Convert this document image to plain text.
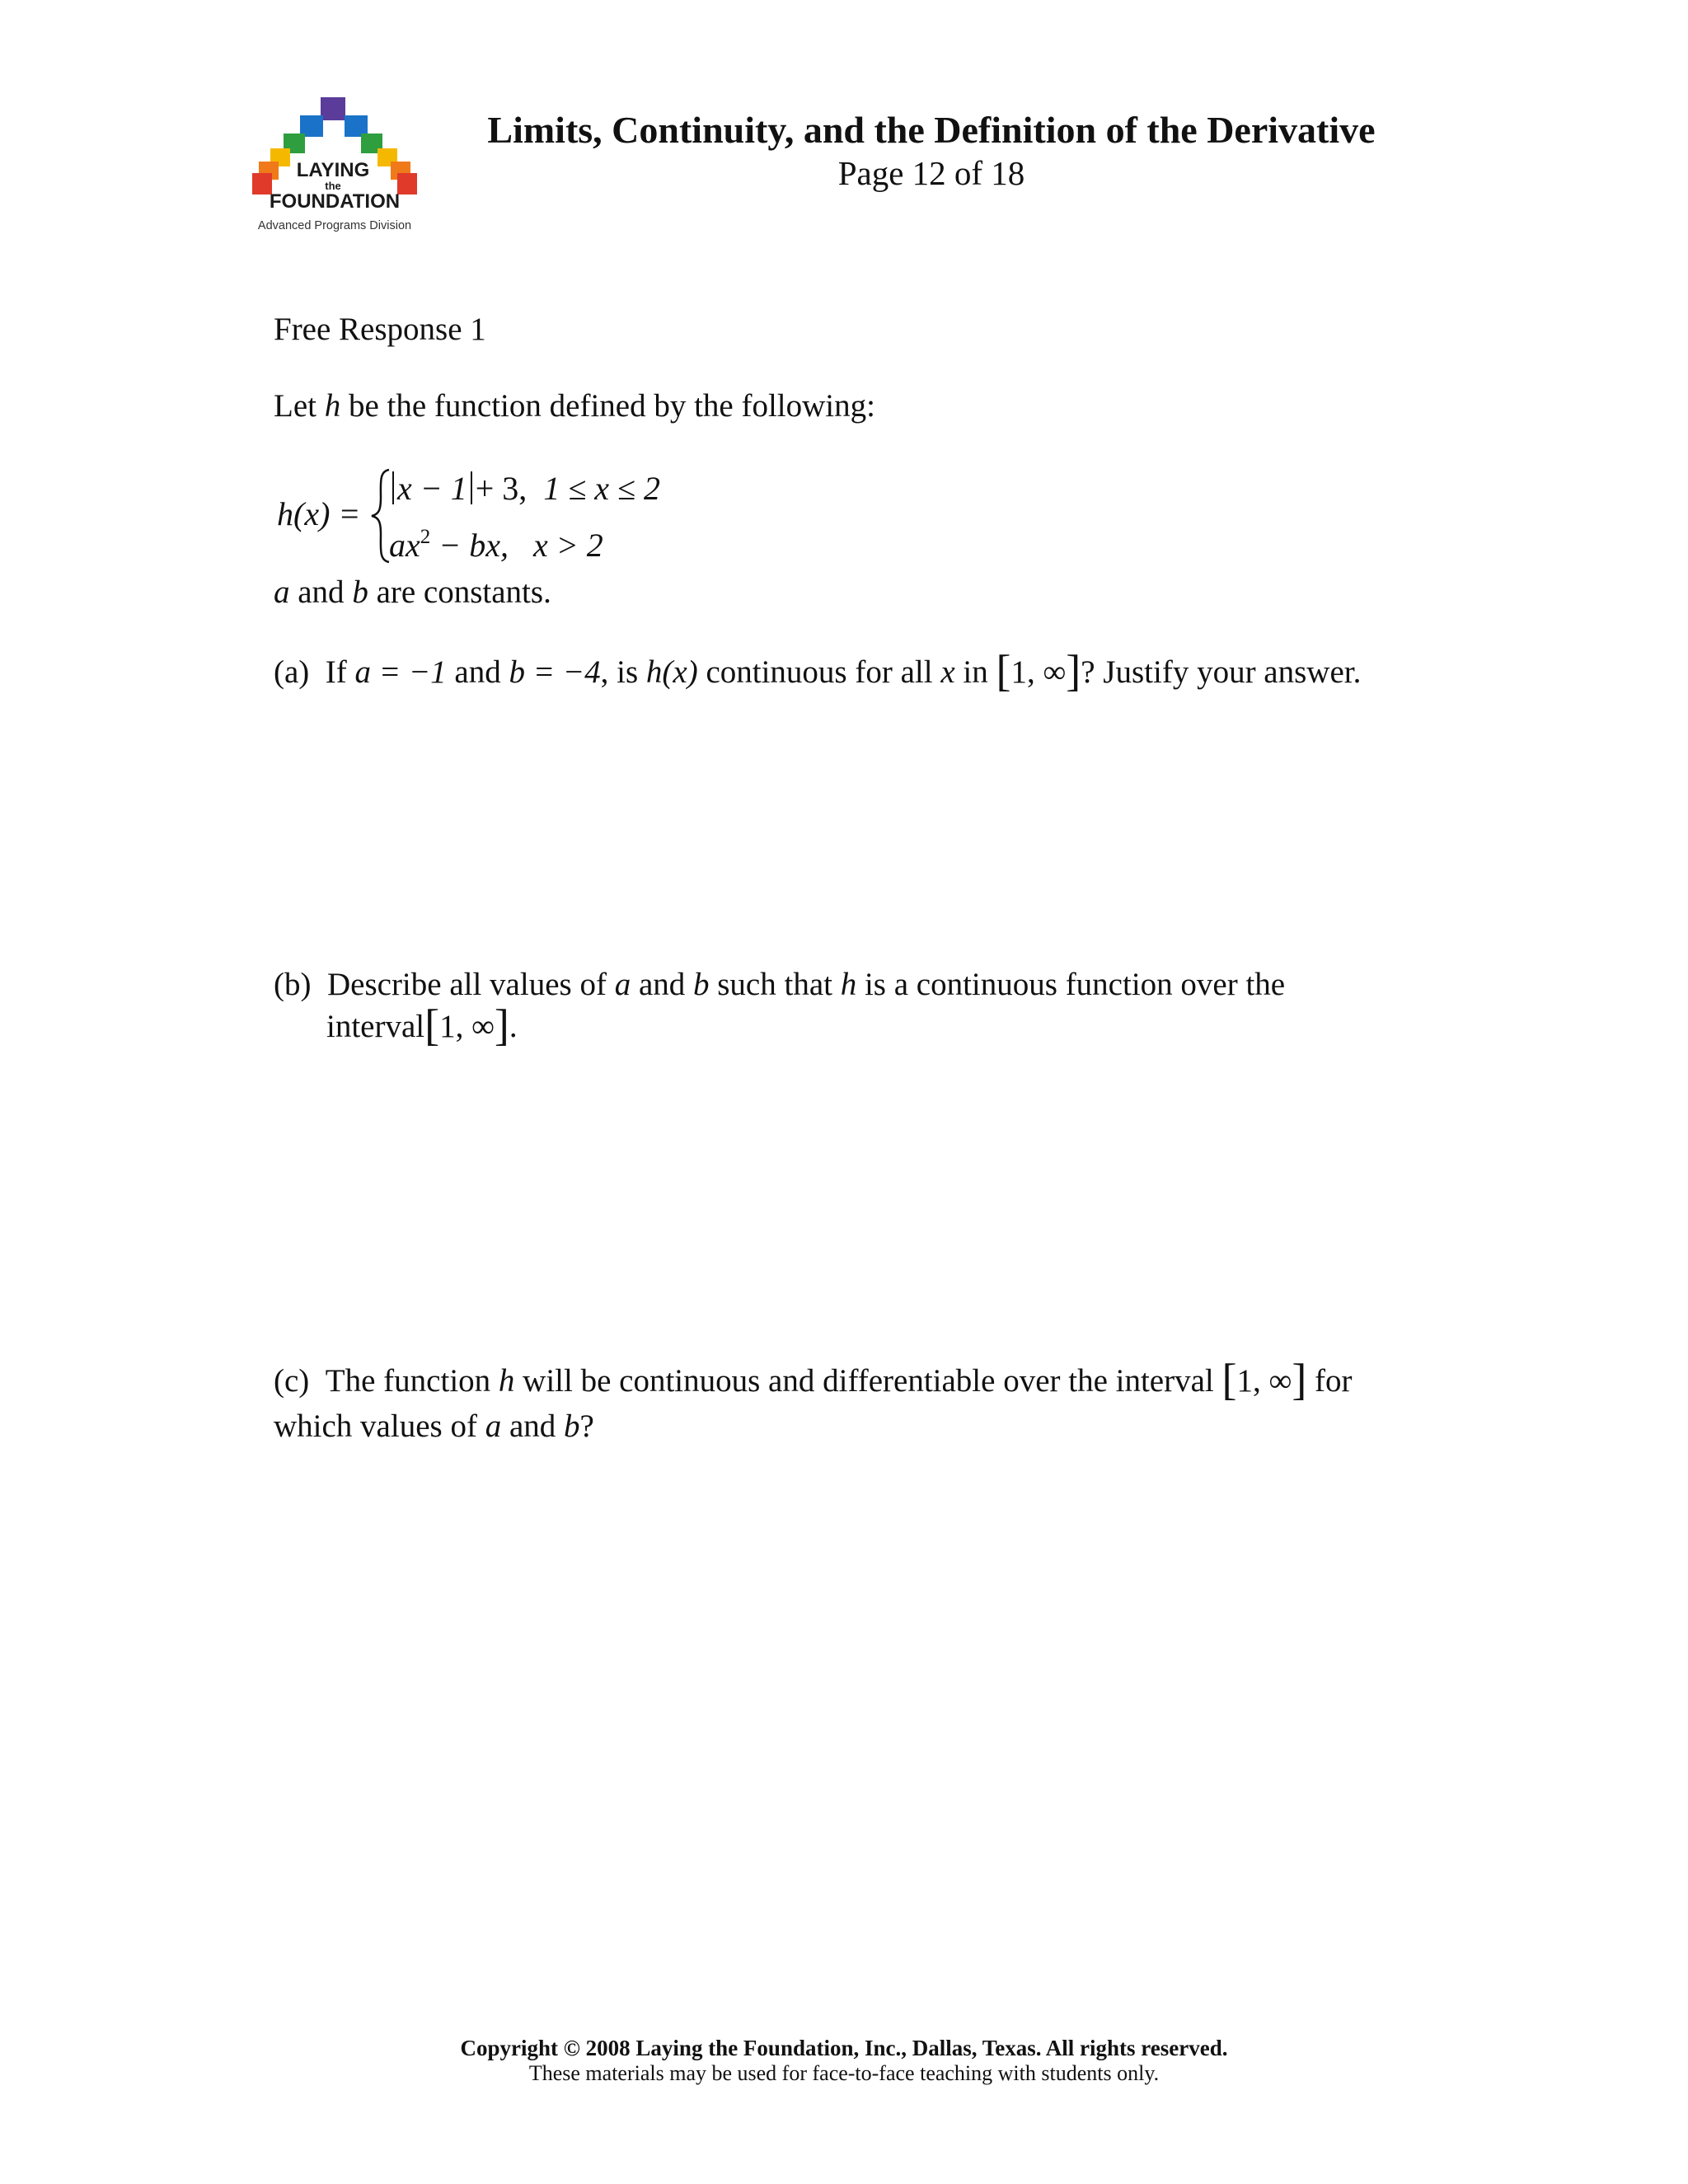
LAYING
the
FOUNDATION
Advanced Programs Division
Limits, Continuity, and the Definition of the Derivative
Page 12 of 18
Free Response 1
Let h be the function defined by the following:
h(x) =
x − 1 + 3, 1 ≤ x ≤ 2
$ax^2$ − bx, x > 2
a and b are constants.
(a) If a = −1 and b = −4, is h(x) continuous for all x in [1, ∞]? Justify your answer.
(b) Describe all values of a and b such that h is a continuous function over the
interval[1, ∞].
(c) The function h will be continuous and differentiable over the interval [1, ∞] for
which values of a and b?
Copyright © 2008 Laying the Foundation, Inc., Dallas, Texas. All rights reserved.
These materials may be used for face-to-face teaching with students only.
